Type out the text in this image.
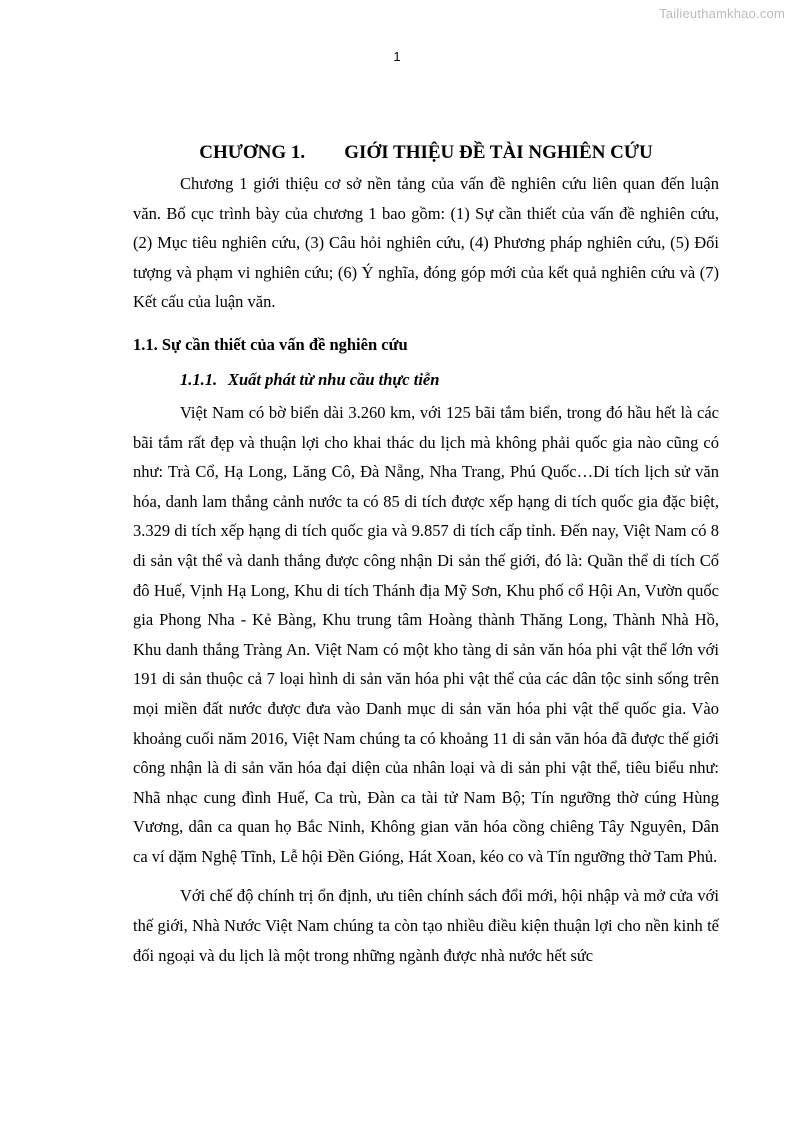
Tailieuthamkhao.com
1
CHƯƠNG 1. GIỚI THIỆU ĐỀ TÀI NGHIÊN CỨU

Chương 1 giới thiệu cơ sở nền tảng của vấn đề nghiên cứu liên quan đến luận văn. Bố cục trình bày của chương 1 bao gồm: (1) Sự cần thiết của vấn đề nghiên cứu, (2) Mục tiêu nghiên cứu, (3) Câu hỏi nghiên cứu, (4) Phương pháp nghiên cứu, (5) Đối tượng và phạm vi nghiên cứu; (6) Ý nghĩa, đóng góp mới của kết quả nghiên cứu và (7) Kết cấu của luận văn.

1.1. Sự cần thiết của vấn đề nghiên cứu
1.1.1. Xuất phát từ nhu cầu thực tiễn

Việt Nam có bờ biển dài 3.260 km, với 125 bãi tắm biển, trong đó hầu hết là các bãi tắm rất đẹp và thuận lợi cho khai thác du lịch mà không phải quốc gia nào cũng có như: Trà Cổ, Hạ Long, Lăng Cô, Đà Nẵng, Nha Trang, Phú Quốc…Di tích lịch sử văn hóa, danh lam thắng cảnh nước ta có 85 di tích được xếp hạng di tích quốc gia đặc biệt, 3.329 di tích xếp hạng di tích quốc gia và 9.857 di tích cấp tỉnh. Đến nay, Việt Nam có 8 di sản vật thể và danh thắng được công nhận Di sản thế giới, đó là: Quần thể di tích Cố đô Huế, Vịnh Hạ Long, Khu di tích Thánh địa Mỹ Sơn, Khu phố cổ Hội An, Vườn quốc gia Phong Nha - Kẻ Bàng, Khu trung tâm Hoàng thành Thăng Long, Thành Nhà Hồ, Khu danh thắng Tràng An. Việt Nam có một kho tàng di sản văn hóa phi vật thể lớn với 191 di sản thuộc cả 7 loại hình di sản văn hóa phi vật thể của các dân tộc sinh sống trên mọi miền đất nước được đưa vào Danh mục di sản văn hóa phi vật thể quốc gia. Vào khoảng cuối năm 2016, Việt Nam chúng ta có khoảng 11 di sản văn hóa đã được thế giới công nhận là di sản văn hóa đại diện của nhân loại và di sản phi vật thể, tiêu biểu như: Nhã nhạc cung đình Huế, Ca trù, Đàn ca tài tử Nam Bộ; Tín ngưỡng thờ cúng Hùng Vương, dân ca quan họ Bắc Ninh, Không gian văn hóa cồng chiêng Tây Nguyên, Dân ca ví dặm Nghệ Tĩnh, Lễ hội Đền Gióng, Hát Xoan, kéo co và Tín ngưỡng thờ Tam Phủ.

Với chế độ chính trị ổn định, ưu tiên chính sách đổi mới, hội nhập và mở cửa với thế giới, Nhà Nước Việt Nam chúng ta còn tạo nhiều điều kiện thuận lợi cho nền kinh tế đối ngoại và du lịch là một trong những ngành được nhà nước hết sức
